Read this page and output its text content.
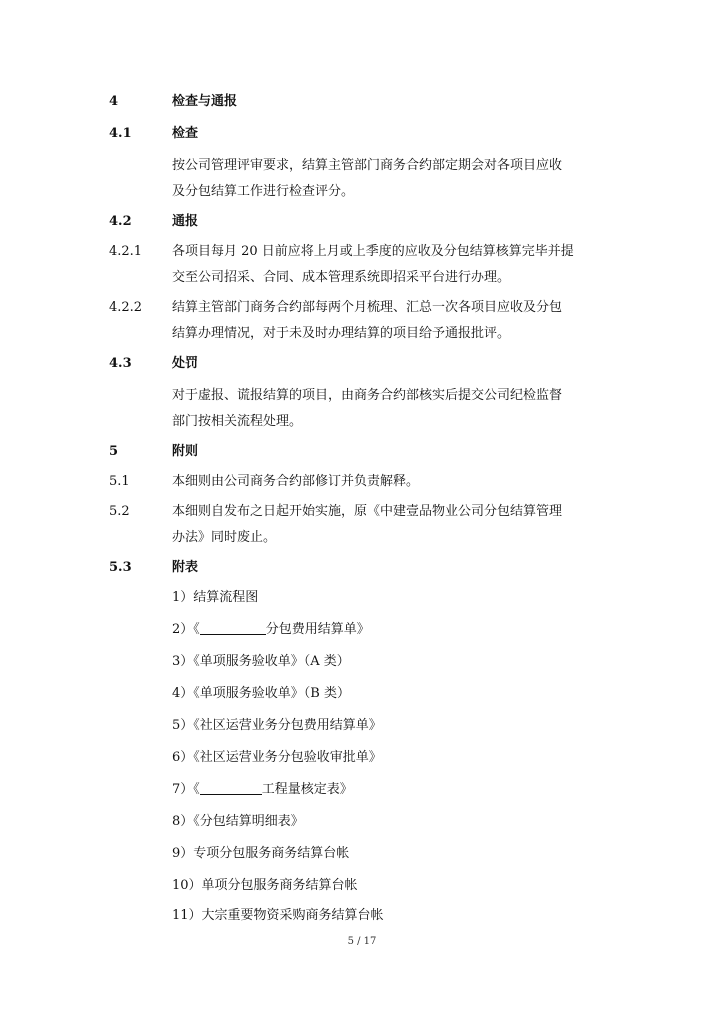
4	检查与通报
4.1	检查
按公司管理评审要求，结算主管部门商务合约部定期会对各项目应收
及分包结算工作进行检查评分。
4.2	通报
4.2.1 各项目每月 20 日前应将上月或上季度的应收及分包结算核算完毕并提
交至公司招采、合同、成本管理系统即招采平台进行办理。
4.2.2 结算主管部门商务合约部每两个月梳理、汇总一次各项目应收及分包
结算办理情况，对于未及时办理结算的项目给予通报批评。
4.3	处罚
对于虚报、谎报结算的项目，由商务合约部核实后提交公司纪检监督
部门按相关流程处理。
5	附则
5.1	本细则由公司商务合约部修订并负责解释。
5.2	本细则自发布之日起开始实施，原《中建壹品物业公司分包结算管理
办法》同时废止。
5.3	附表
1）结算流程图
2）《	分包费用结算单》
3）《单项服务验收单》（A 类）
4）《单项服务验收单》（B 类）
5）《社区运营业务分包费用结算单》
6）《社区运营业务分包验收审批单》
7）《	工程量核定表》
8）《分包结算明细表》
9）专项分包服务商务结算台帐
10）单项分包服务商务结算台帐
11）大宗重要物资采购商务结算台帐
5 / 17
